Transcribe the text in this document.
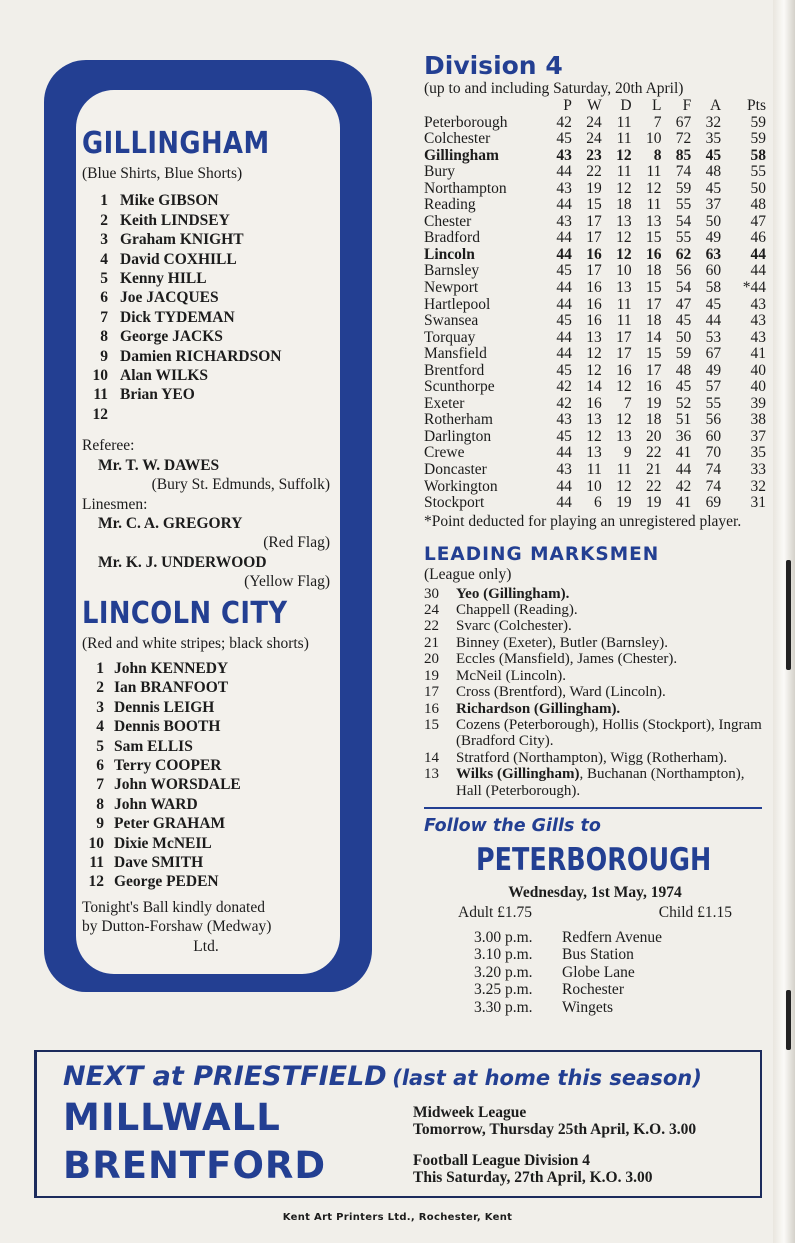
GILLINGHAM
(Blue Shirts, Blue Shorts)
1 Mike GIBSON
2 Keith LINDSEY
3 Graham KNIGHT
4 David COXHILL
5 Kenny HILL
6 Joe JACQUES
7 Dick TYDEMAN
8 George JACKS
9 Damien RICHARDSON
10 Alan WILKS
11 Brian YEO
12
Referee:
Mr. T. W. DAWES
(Bury St. Edmunds, Suffolk)
Linesmen:
Mr. C. A. GREGORY
(Red Flag)
Mr. K. J. UNDERWOOD
(Yellow Flag)
LINCOLN CITY
(Red and white stripes; black shorts)
1 John KENNEDY
2 Ian BRANFOOT
3 Dennis LEIGH
4 Dennis BOOTH
5 Sam ELLIS
6 Terry COOPER
7 John WORSDALE
8 John WARD
9 Peter GRAHAM
10 Dixie McNEIL
11 Dave SMITH
12 George PEDEN
Tonight's Ball kindly donated
by Dutton-Forshaw (Medway)
Ltd.
Division 4
(up to and including Saturday, 20th April)
	P	W	D	L	F	A	Pts
Peterborough	42	24	11	7	67	32	59
Colchester	45	24	11	10	72	35	59
Gillingham	43	23	12	8	85	45	58
Bury	44	22	11	11	74	48	55
Northampton	43	19	12	12	59	45	50
Reading	44	15	18	11	55	37	48
Chester	43	17	13	13	54	50	47
Bradford	44	17	12	15	55	49	46
Lincoln	44	16	12	16	62	63	44
Barnsley	45	17	10	18	56	60	44
Newport	44	16	13	15	54	58	*44
Hartlepool	44	16	11	17	47	45	43
Swansea	45	16	11	18	45	44	43
Torquay	44	13	17	14	50	53	43
Mansfield	44	12	17	15	59	67	41
Brentford	45	12	16	17	48	49	40
Scunthorpe	42	14	12	16	45	57	40
Exeter	42	16	7	19	52	55	39
Rotherham	43	13	12	18	51	56	38
Darlington	45	12	13	20	36	60	37
Crewe	44	13	9	22	41	70	35
Doncaster	43	11	11	21	44	74	33
Workington	44	10	12	22	42	74	32
Stockport	44	6	19	19	41	69	31
*Point deducted for playing an unregistered player.
LEADING MARKSMEN
(League only)
30	Yeo (Gillingham).
24	Chappell (Reading).
22	Svarc (Colchester).
21	Binney (Exeter), Butler (Barnsley).
20	Eccles (Mansfield), James (Chester).
19	McNeil (Lincoln).
17	Cross (Brentford), Ward (Lincoln).
16	Richardson (Gillingham).
15	Cozens (Peterborough), Hollis (Stockport), Ingram (Bradford City).
14	Stratford (Northampton), Wigg (Rotherham).
13	Wilks (Gillingham), Buchanan (Northampton), Hall (Peterborough).
Follow the Gills to
PETERBOROUGH
Wednesday, 1st May, 1974
Adult £1.75	Child £1.15
3.00 p.m.	Redfern Avenue
3.10 p.m.	Bus Station
3.20 p.m.	Globe Lane
3.25 p.m.	Rochester
3.30 p.m.	Wingets
NEXT at PRIESTFIELD (last at home this season)
MILLWALL	Midweek League
Tomorrow, Thursday 25th April, K.O. 3.00
BRENTFORD	Football League Division 4
This Saturday, 27th April, K.O. 3.00
Kent Art Printers Ltd., Rochester, Kent
